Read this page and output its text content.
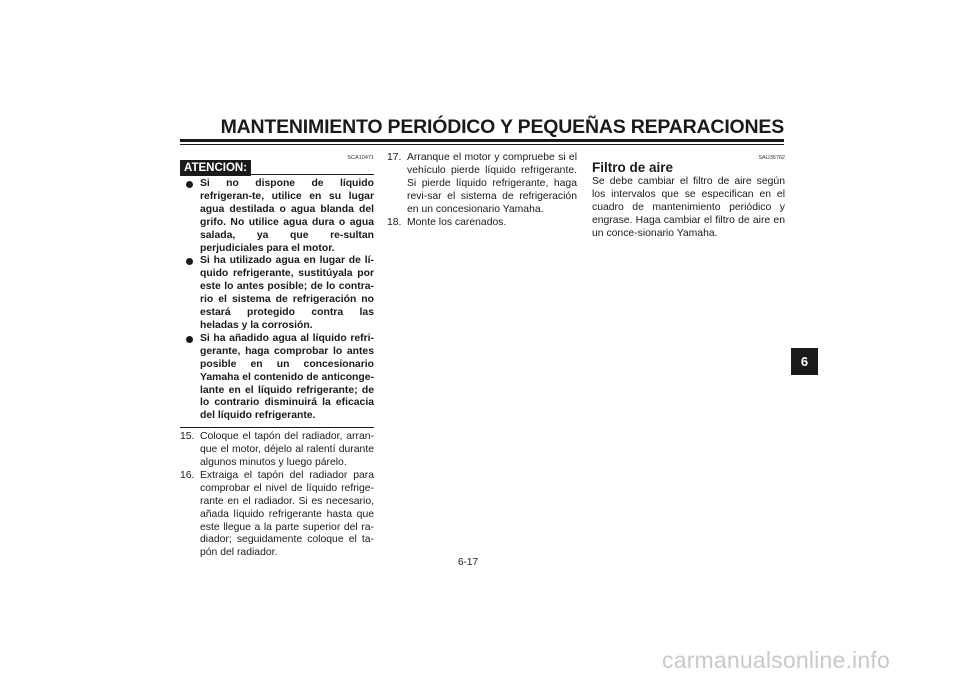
MANTENIMIENTO PERIÓDICO Y PEQUEÑAS REPARACIONES
SCA10471
ATENCION:
Si no dispone de líquido refrigeran-te, utilice en su lugar agua destilada o agua blanda del grifo. No utilice agua dura o agua salada, ya que re-sultan perjudiciales para el motor.
Si ha utilizado agua en lugar de lí-quido refrigerante, sustitúyala por este lo antes posible; de lo contra-rio el sistema de refrigeración no estará protegido contra las heladas y la corrosión.
Si ha añadido agua al líquido refri-gerante, haga comprobar lo antes posible en un concesionario Yamaha el contenido de anticonge-lante en el líquido refrigerante; de lo contrario disminuirá la eficacia del líquido refrigerante.
15. Coloque el tapón del radiador, arran-que el motor, déjelo al ralentí durante algunos minutos y luego párelo.
16. Extraiga el tapón del radiador para comprobar el nivel de líquido refrige-rante en el radiador. Si es necesario, añada líquido refrigerante hasta que este llegue a la parte superior del ra-diador; seguidamente coloque el ta-pón del radiador.
17. Arranque el motor y compruebe si el vehículo pierde líquido refrigerante. Si pierde líquido refrigerante, haga revi-sar el sistema de refrigeración en un concesionario Yamaha.
18. Monte los carenados.
SAU36762
Filtro de aire
Se debe cambiar el filtro de aire según los intervalos que se especifican en el cuadro de mantenimiento periódico y engrase. Haga cambiar el filtro de aire en un conce-sionario Yamaha.
6-17
6
carmanualsonline.info
